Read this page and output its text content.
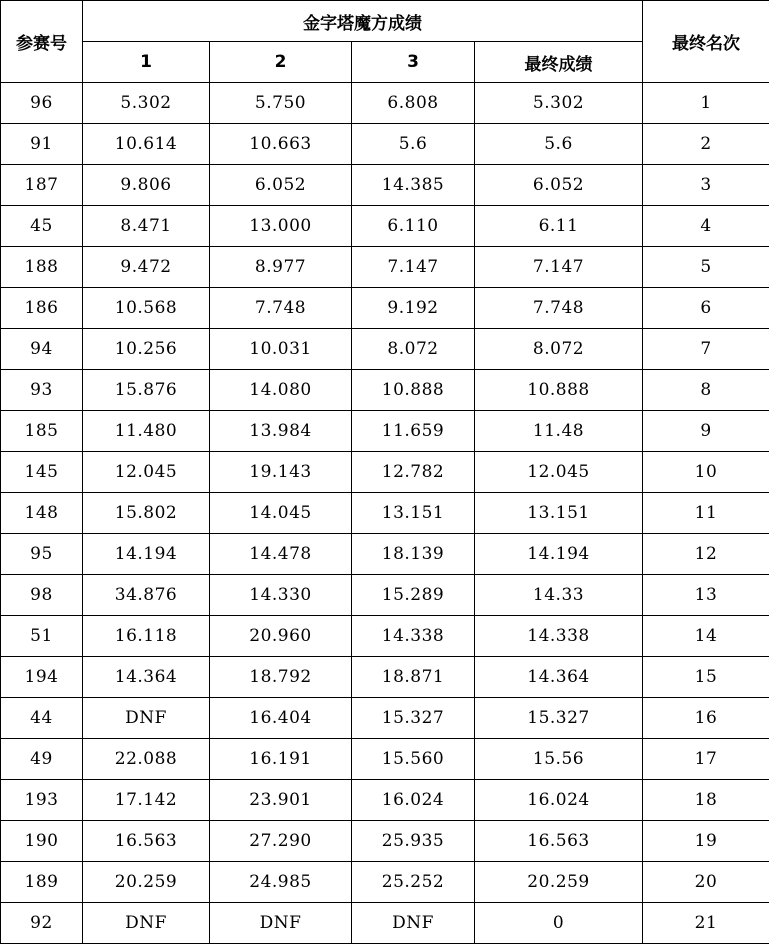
参赛号	金字塔魔方成绩				最终名次
	1	2	3	最终成绩	
96	5.302	5.750	6.808	5.302	1
91	10.614	10.663	5.6	5.6	2
187	9.806	6.052	14.385	6.052	3
45	8.471	13.000	6.110	6.11	4
188	9.472	8.977	7.147	7.147	5
186	10.568	7.748	9.192	7.748	6
94	10.256	10.031	8.072	8.072	7
93	15.876	14.080	10.888	10.888	8
185	11.480	13.984	11.659	11.48	9
145	12.045	19.143	12.782	12.045	10
148	15.802	14.045	13.151	13.151	11
95	14.194	14.478	18.139	14.194	12
98	34.876	14.330	15.289	14.33	13
51	16.118	20.960	14.338	14.338	14
194	14.364	18.792	18.871	14.364	15
44	DNF	16.404	15.327	15.327	16
49	22.088	16.191	15.560	15.56	17
193	17.142	23.901	16.024	16.024	18
190	16.563	27.290	25.935	16.563	19
189	20.259	24.985	25.252	20.259	20
92	DNF	DNF	DNF	0	21
